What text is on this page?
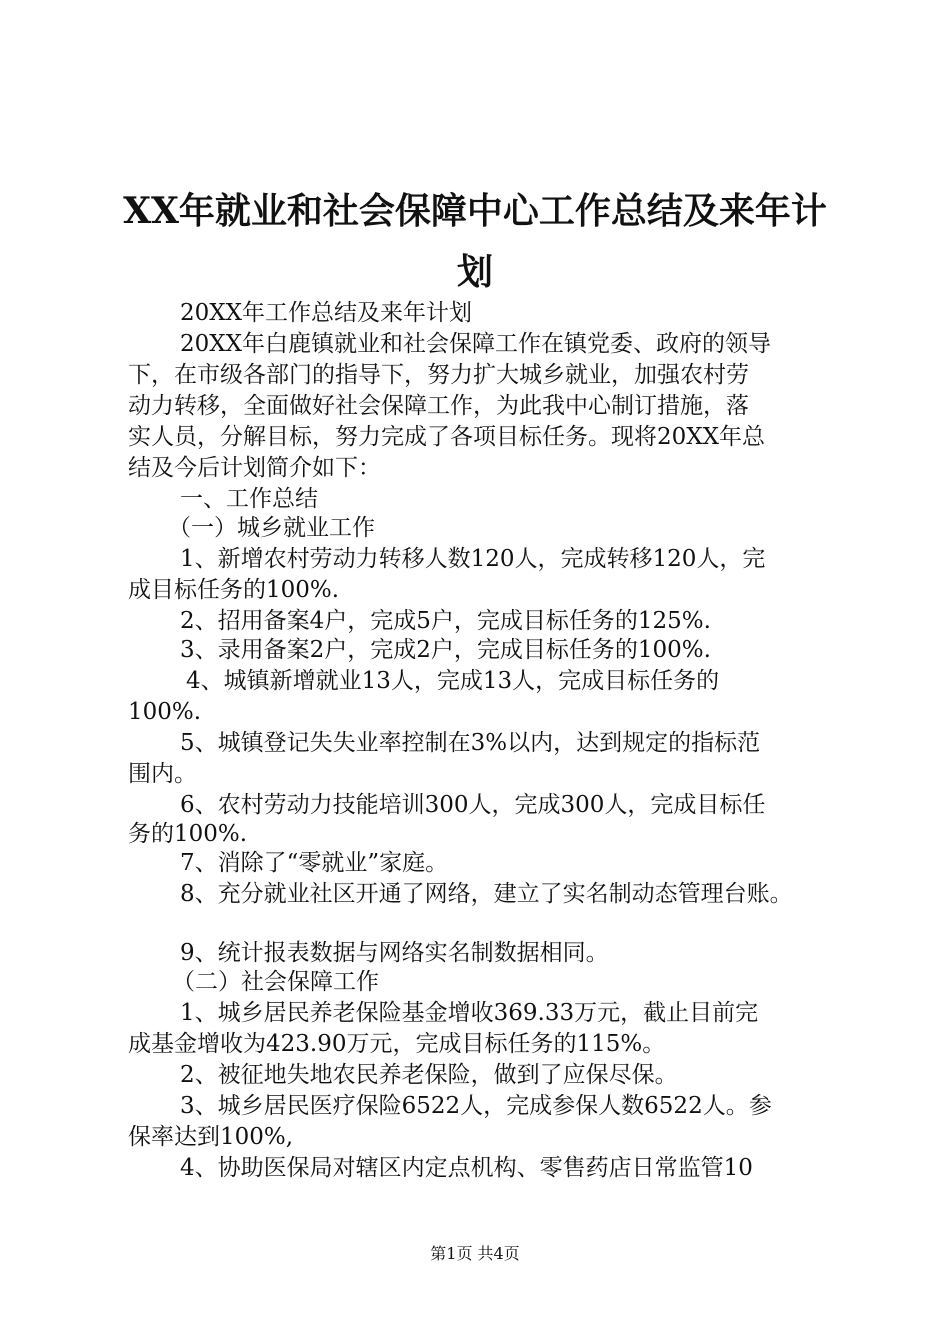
XX年就业和社会保障中心工作总结及来年计
划
20XX年工作总结及来年计划
20XX年白鹿镇就业和社会保障工作在镇党委、政府的领导
下，在市级各部门的指导下，努力扩大城乡就业，加强农村劳
动力转移，全面做好社会保障工作，为此我中心制订措施，落
实人员，分解目标，努力完成了各项目标任务。现将20XX年总
结及今后计划简介如下：
一、工作总结
（一）城乡就业工作
1、新增农村劳动力转移人数120人，完成转移120人，完
成目标任务的100%.
2、招用备案4户，完成5户，完成目标任务的125%.
3、录用备案2户，完成2户，完成目标任务的100%.
4、城镇新增就业13人，完成13人，完成目标任务的
100%.
5、城镇登记失失业率控制在3%以内，达到规定的指标范
围内。
6、农村劳动力技能培训300人，完成300人，完成目标任
务的100%.
7、消除了“零就业”家庭。
8、充分就业社区开通了网络，建立了实名制动态管理台账。
9、统计报表数据与网络实名制数据相同。
（二）社会保障工作
1、城乡居民养老保险基金增收369.33万元，截止目前完
成基金增收为423.90万元，完成目标任务的115%。
2、被征地失地农民养老保险，做到了应保尽保。
3、城乡居民医疗保险6522人，完成参保人数6522人。参
保率达到100%,
4、协助医保局对辖区内定点机构、零售药店日常监管10
第1页 共4页
